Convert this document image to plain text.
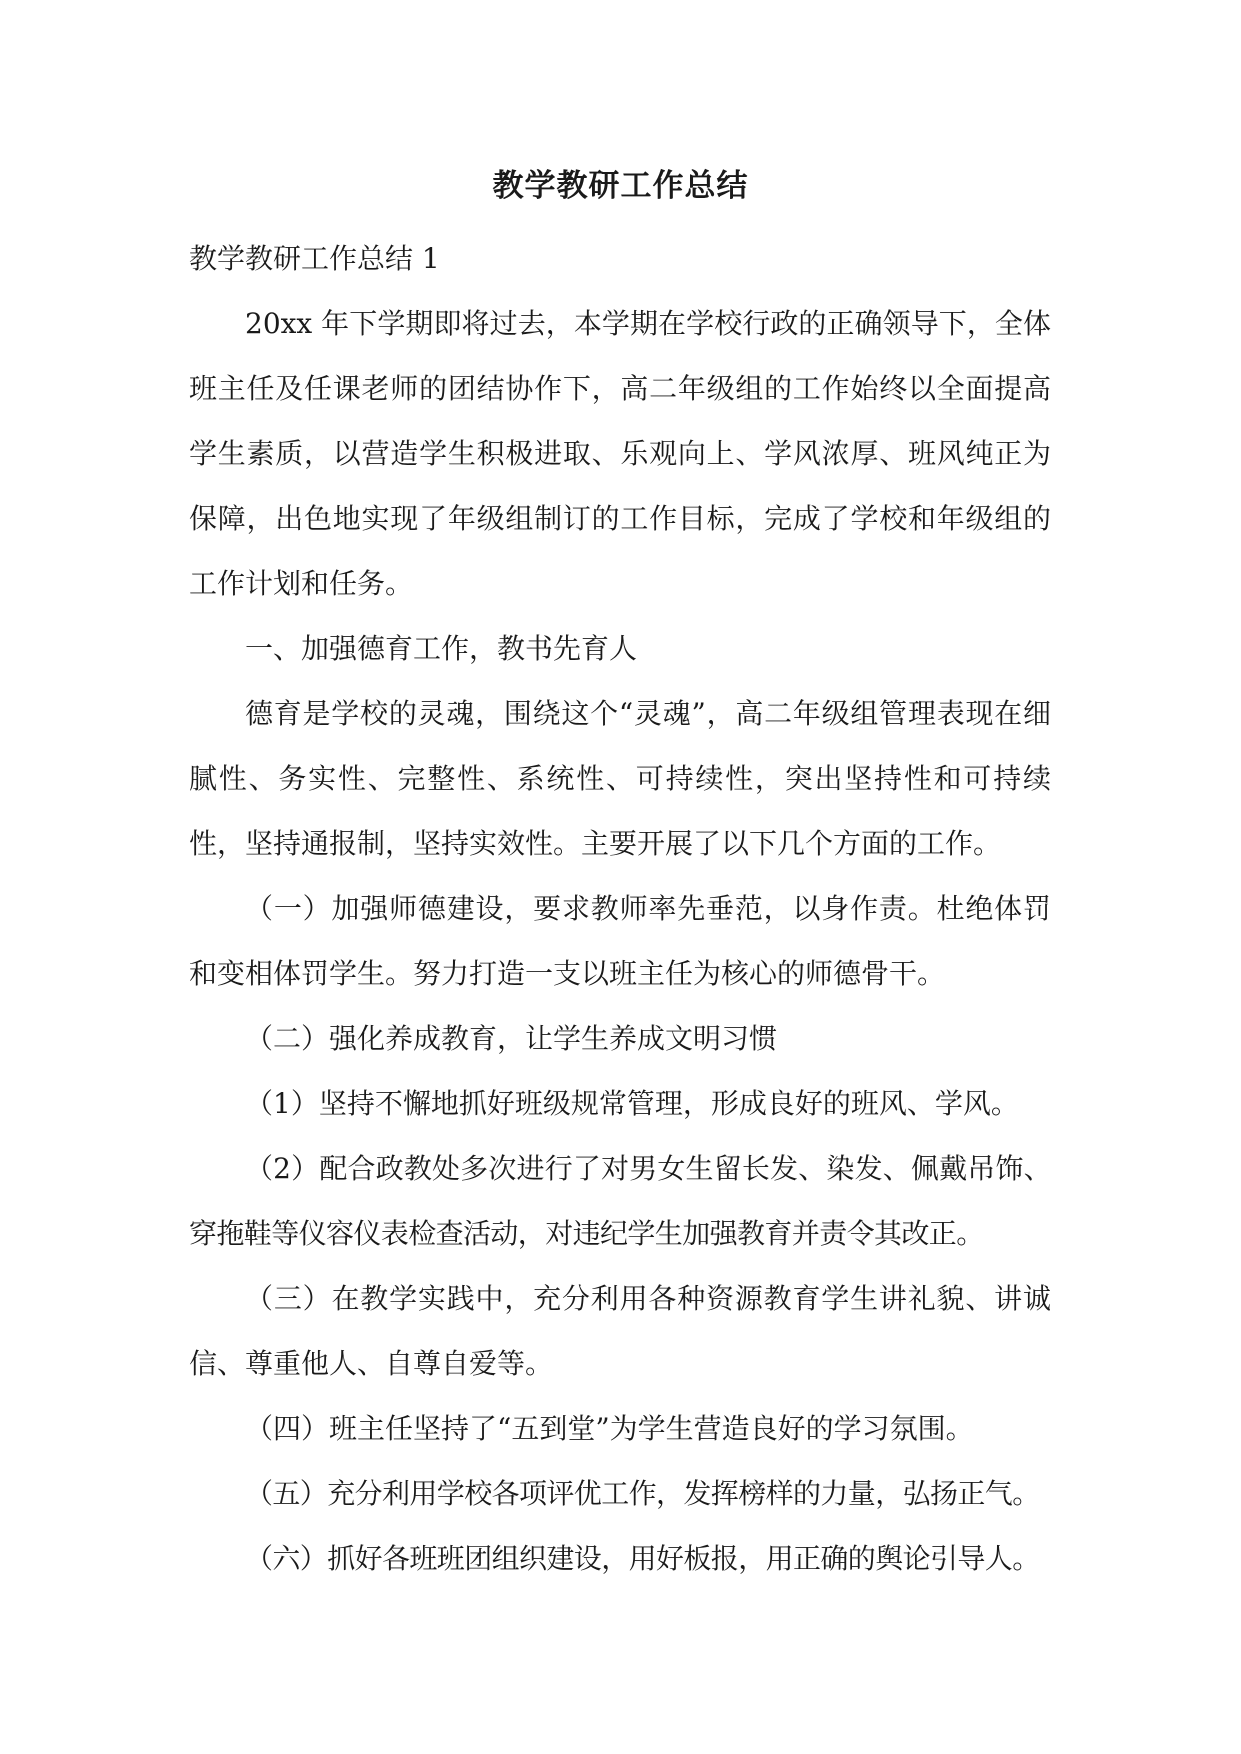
教学教研工作总结

教学教研工作总结 1

20xx 年下学期即将过去，本学期在学校行政的正确领导下，全体班主任及任课老师的团结协作下，高二年级组的工作始终以全面提高学生素质，以营造学生积极进取、乐观向上、学风浓厚、班风纯正为保障，出色地实现了年级组制订的工作目标，完成了学校和年级组的工作计划和任务。

一、加强德育工作，教书先育人

德育是学校的灵魂，围绕这个“灵魂”，高二年级组管理表现在细腻性、务实性、完整性、系统性、可持续性，突出坚持性和可持续性，坚持通报制，坚持实效性。主要开展了以下几个方面的工作。

（一）加强师德建设，要求教师率先垂范，以身作责。杜绝体罚和变相体罚学生。努力打造一支以班主任为核心的师德骨干。

（二）强化养成教育，让学生养成文明习惯

（1）坚持不懈地抓好班级规常管理，形成良好的班风、学风。

（2）配合政教处多次进行了对男女生留长发、染发、佩戴吊饰、穿拖鞋等仪容仪表检查活动，对违纪学生加强教育并责令其改正。

（三）在教学实践中，充分利用各种资源教育学生讲礼貌、讲诚信、尊重他人、自尊自爱等。

（四）班主任坚持了“五到堂”为学生营造良好的学习氛围。

（五）充分利用学校各项评优工作，发挥榜样的力量，弘扬正气。

（六）抓好各班班团组织建设，用好板报，用正确的舆论引导人。
